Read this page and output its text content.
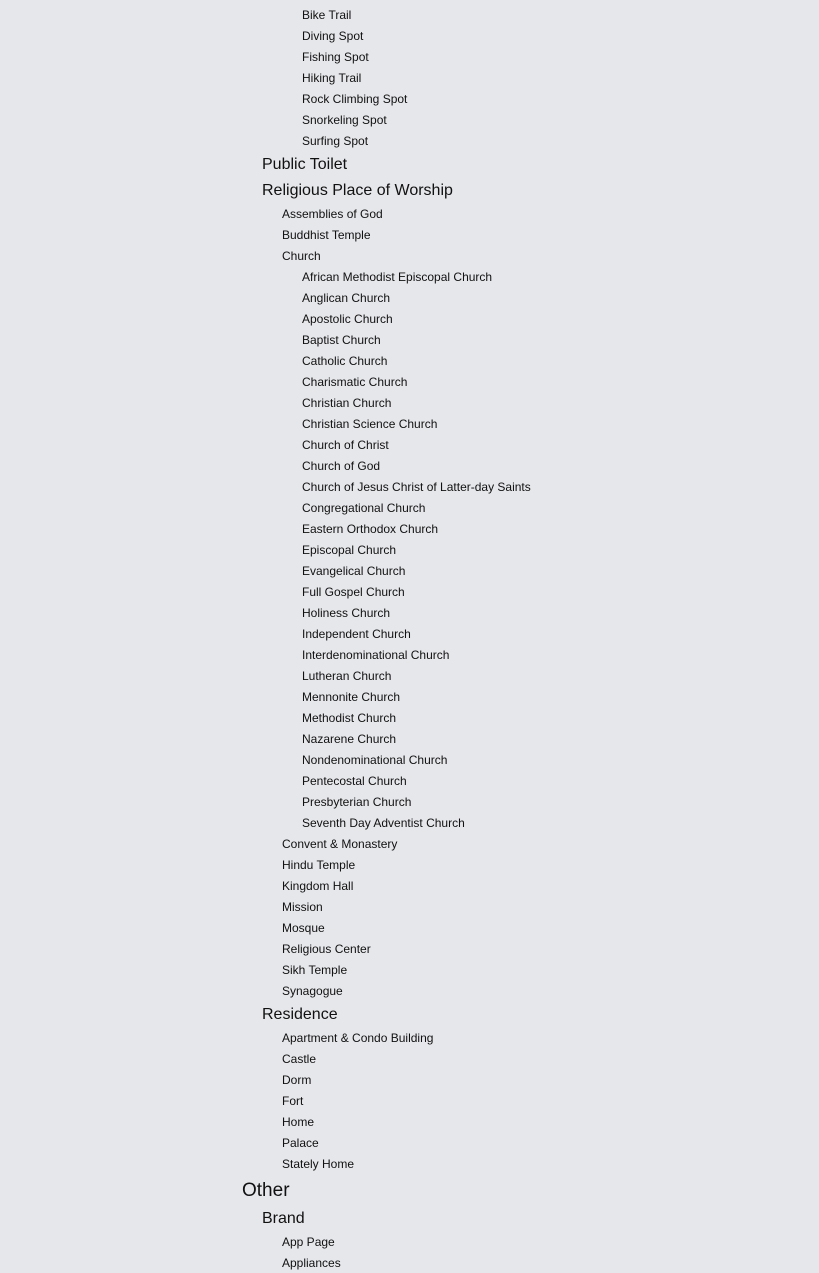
Bike Trail
Diving Spot
Fishing Spot
Hiking Trail
Rock Climbing Spot
Snorkeling Spot
Surfing Spot
Public Toilet
Religious Place of Worship
Assemblies of God
Buddhist Temple
Church
African Methodist Episcopal Church
Anglican Church
Apostolic Church
Baptist Church
Catholic Church
Charismatic Church
Christian Church
Christian Science Church
Church of Christ
Church of God
Church of Jesus Christ of Latter-day Saints
Congregational Church
Eastern Orthodox Church
Episcopal Church
Evangelical Church
Full Gospel Church
Holiness Church
Independent Church
Interdenominational Church
Lutheran Church
Mennonite Church
Methodist Church
Nazarene Church
Nondenominational Church
Pentecostal Church
Presbyterian Church
Seventh Day Adventist Church
Convent & Monastery
Hindu Temple
Kingdom Hall
Mission
Mosque
Religious Center
Sikh Temple
Synagogue
Residence
Apartment & Condo Building
Castle
Dorm
Fort
Home
Palace
Stately Home
Other
Brand
App Page
Appliances
